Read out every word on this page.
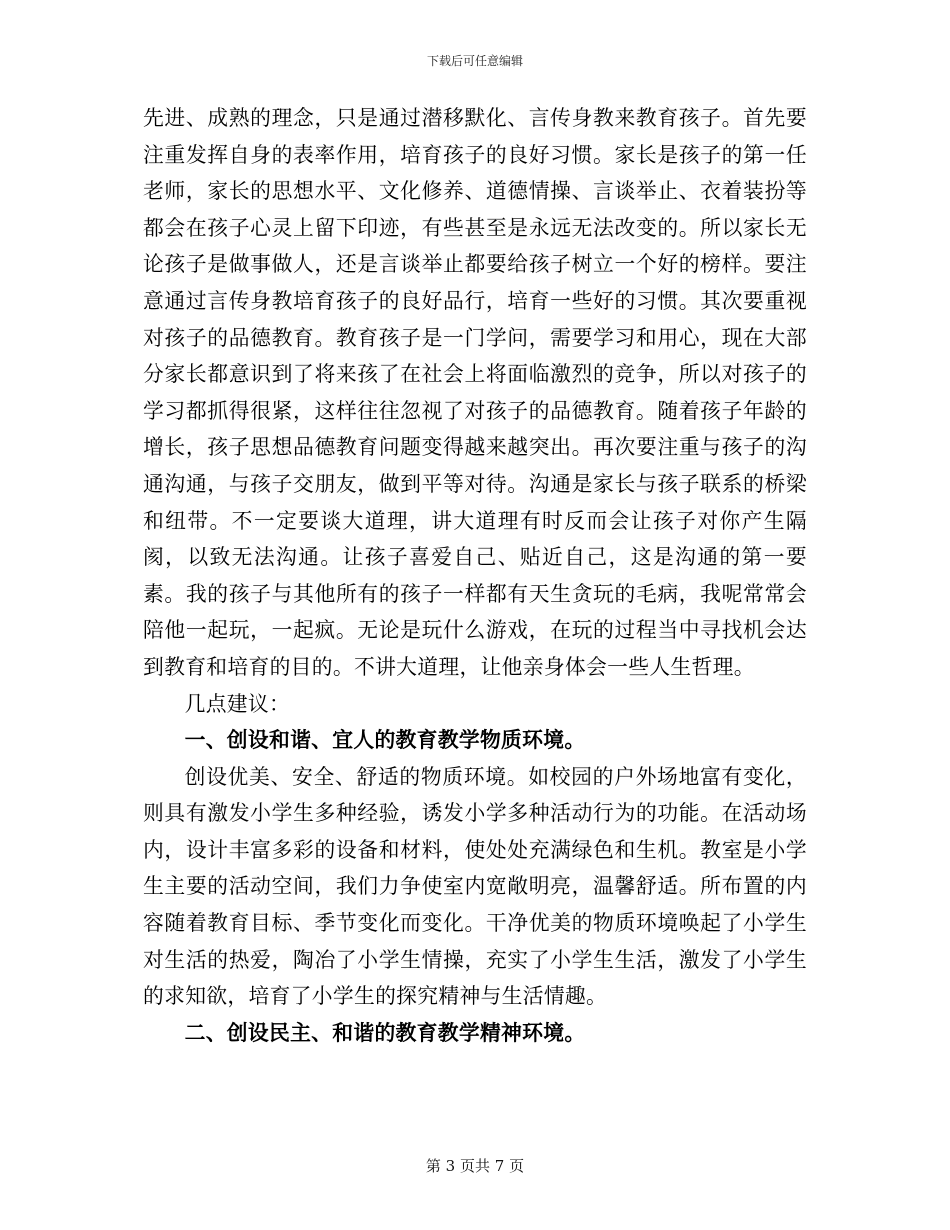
下载后可任意编辑

先进、成熟的理念，只是通过潜移默化、言传身教来教育孩子。首先要注重发挥自身的表率作用，培育孩子的良好习惯。家长是孩子的第一任老师，家长的思想水平、文化修养、道德情操、言谈举止、衣着装扮等都会在孩子心灵上留下印迹，有些甚至是永远无法改变的。所以家长无论孩子是做事做人，还是言谈举止都要给孩子树立一个好的榜样。要注意通过言传身教培育孩子的良好品行，培育一些好的习惯。其次要重视对孩子的品德教育。教育孩子是一门学问，需要学习和用心，现在大部分家长都意识到了将来孩了在社会上将面临激烈的竞争，所以对孩子的学习都抓得很紧，这样往往忽视了对孩子的品德教育。随着孩子年龄的增长，孩子思想品德教育问题变得越来越突出。再次要注重与孩子的沟通沟通，与孩子交朋友，做到平等对待。沟通是家长与孩子联系的桥梁和纽带。不一定要谈大道理，讲大道理有时反而会让孩子对你产生隔阂，以致无法沟通。让孩子喜爱自己、贴近自己，这是沟通的第一要素。我的孩子与其他所有的孩子一样都有天生贪玩的毛病，我呢常常会陪他一起玩，一起疯。无论是玩什么游戏，在玩的过程当中寻找机会达到教育和培育的目的。不讲大道理，让他亲身体会一些人生哲理。

几点建议：

一、创设和谐、宜人的教育教学物质环境。

创设优美、安全、舒适的物质环境。如校园的户外场地富有变化，则具有激发小学生多种经验，诱发小学多种活动行为的功能。在活动场内，设计丰富多彩的设备和材料，使处处充满绿色和生机。教室是小学生主要的活动空间，我们力争使室内宽敞明亮，温馨舒适。所布置的内容随着教育目标、季节变化而变化。干净优美的物质环境唤起了小学生对生活的热爱，陶冶了小学生情操，充实了小学生生活，激发了小学生的求知欲，培育了小学生的探究精神与生活情趣。

二、创设民主、和谐的教育教学精神环境。

第 3 页共 7 页
